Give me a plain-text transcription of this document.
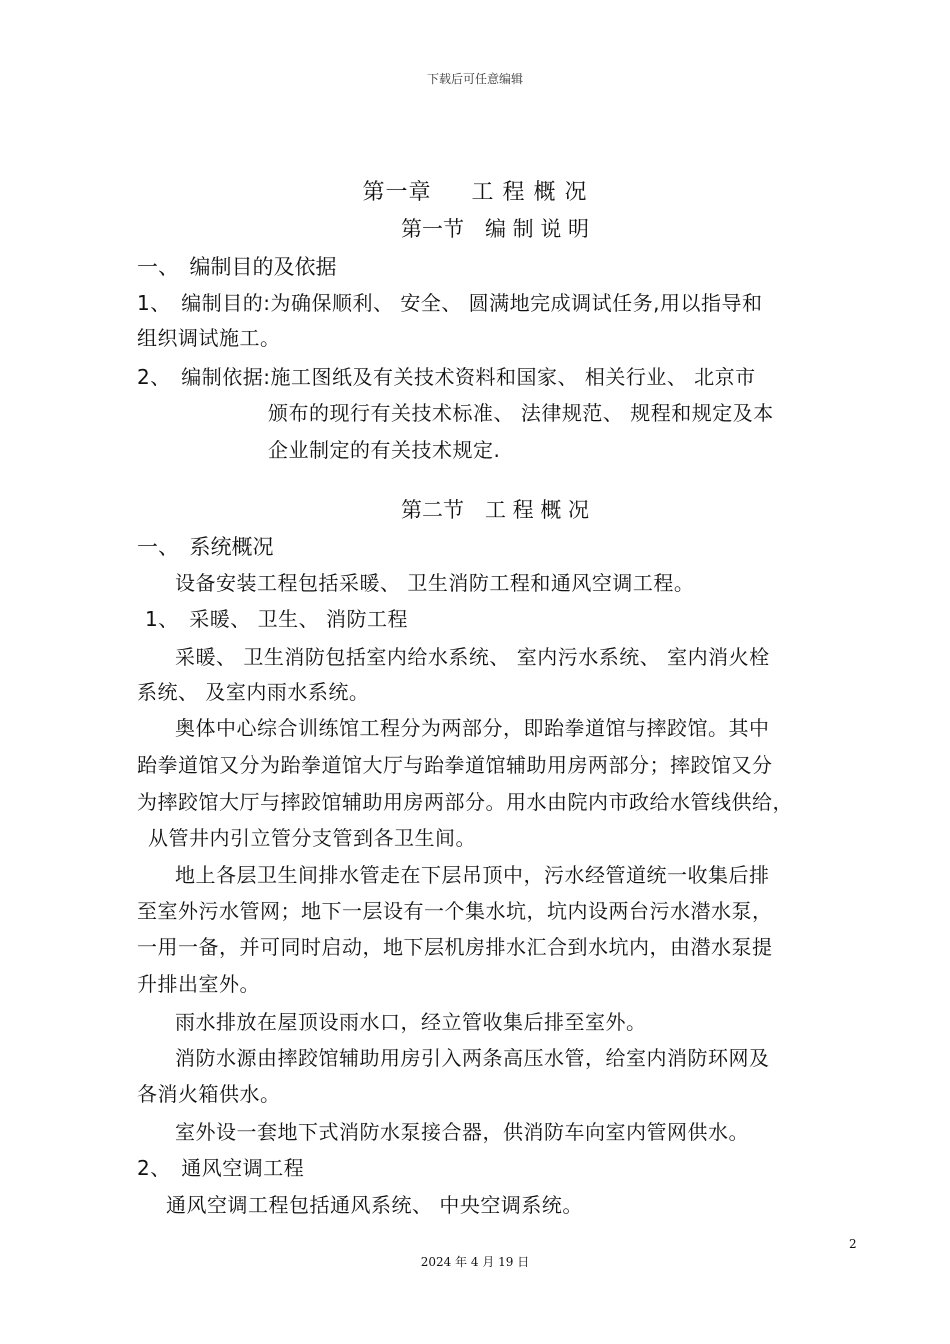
下载后可任意编辑
第一章 工 程 概 况
第一节　编 制 说 明
一、　编制目的及依据
1、　编制目的:为确保顺利、 安全、 圆满地完成调试任务,用以指导和
组织调试施工。
2、　编制依据:施工图纸及有关技术资料和国家、 相关行业、 北京市
颁布的现行有关技术标准、 法律规范、 规程和规定及本
企业制定的有关技术规定.
第二节　工 程 概 况
一、　系统概况
设备安装工程包括采暖、 卫生消防工程和通风空调工程。
1、　采暖、 卫生、 消防工程
采暖、 卫生消防包括室内给水系统、 室内污水系统、 室内消火栓
系统、 及室内雨水系统。
奥体中心综合训练馆工程分为两部分，即跆拳道馆与摔跤馆。其中
跆拳道馆又分为跆拳道馆大厅与跆拳道馆辅助用房两部分；摔跤馆又分
为摔跤馆大厅与摔跤馆辅助用房两部分。用水由院内市政给水管线供给，
从管井内引立管分支管到各卫生间。
地上各层卫生间排水管走在下层吊顶中，污水经管道统一收集后排
至室外污水管网；地下一层设有一个集水坑，坑内设两台污水潜水泵，
一用一备，并可同时启动，地下层机房排水汇合到水坑内，由潜水泵提
升排出室外。
雨水排放在屋顶设雨水口，经立管收集后排至室外。
消防水源由摔跤馆辅助用房引入两条高压水管，给室内消防环网及
各消火箱供水。
室外设一套地下式消防水泵接合器，供消防车向室内管网供水。
2、　通风空调工程
通风空调工程包括通风系统、 中央空调系统。
2
2024 年 4 月 19 日
